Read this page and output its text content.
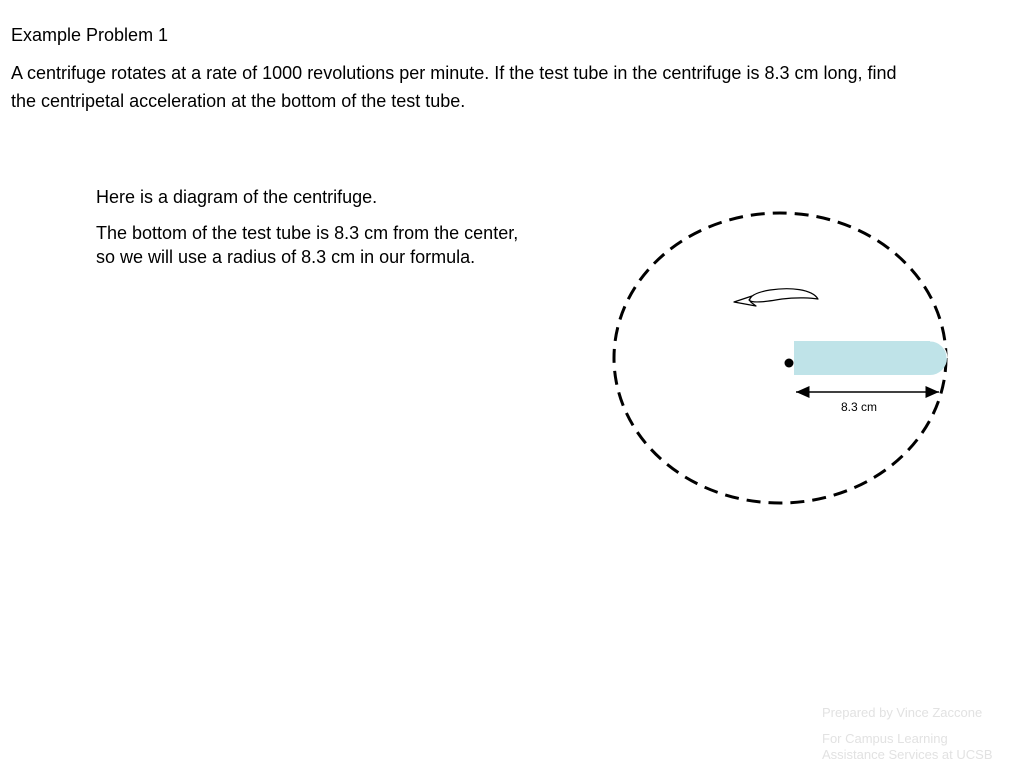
Example Problem 1
A centrifuge rotates at a rate of 1000 revolutions per minute. If the test tube in the centrifuge is 8.3 cm long, find
the centripetal acceleration at the bottom of the test tube.
Here is a diagram of the centrifuge.
The bottom of the test tube is 8.3 cm from the center,
so we will use a radius of 8.3 cm in our formula.
8.3 cm
Prepared by Vince Zaccone
For Campus Learning
Assistance Services at UCSB
